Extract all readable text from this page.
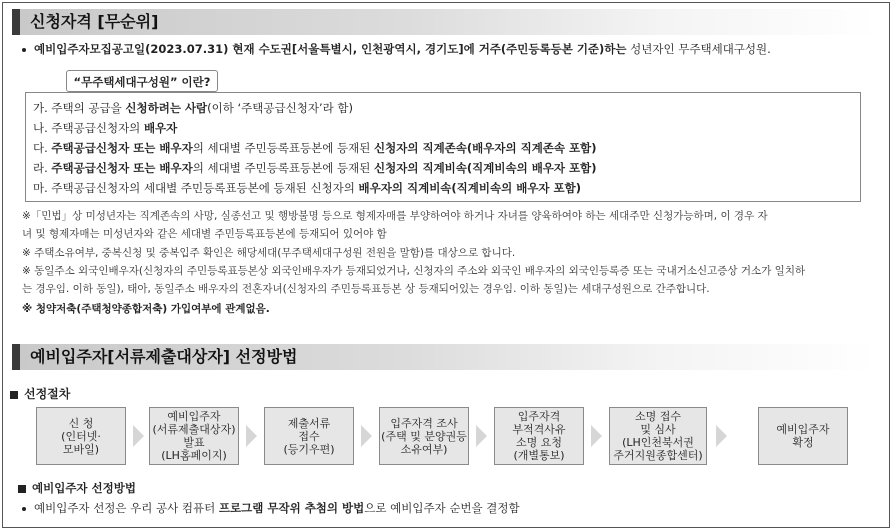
신청자격 [무순위]
예비입주자모집공고일(2023.07.31) 현재 수도권[서울특별시, 인천광역시, 경기도]에 거주(주민등록등본 기준)하는 성년자인 무주택세대구성원.
“무주택세대구성원” 이란?
가. 주택의 공급을 신청하려는 사람(이하 ‘주택공급신청자’라 함)
나. 주택공급신청자의 배우자
다. 주택공급신청자 또는 배우자의 세대별 주민등록표등본에 등재된 신청자의 직계존속(배우자의 직계존속 포함)
라. 주택공급신청자 또는 배우자의 세대별 주민등록표등본에 등재된 신청자의 직계비속(직계비속의 배우자 포함)
마. 주택공급신청자의 세대별 주민등록표등본에 등재된 신청자의 배우자의 직계비속(직계비속의 배우자 포함)
※「민법」상 미성년자는 직계존속의 사망, 실종선고 및 행방불명 등으로 형제자매를 부양하여야 하거나 자녀를 양육하여야 하는 세대주만 신청가능하며, 이 경우 자
녀 및 형제자매는 미성년자와 같은 세대별 주민등록표등본에 등재되어 있어야 함
※ 주택소유여부, 중복신청 및 중복입주 확인은 해당세대(무주택세대구성원 전원을 말함)를 대상으로 합니다.
※ 동일주소 외국인배우자(신청자의 주민등록표등본상 외국인배우자가 등재되었거나, 신청자의 주소와 외국인 배우자의 외국인등록증 또는 국내거소신고증상 거소가 일치하
는 경우임. 이하 동일), 태아, 동일주소 배우자의 전혼자녀(신청자의 주민등록표등본 상 등재되어있는 경우임. 이하 동일)는 세대구성원으로 간주합니다.
※ 청약저축(주택청약종합저축) 가입여부에 관계없음.
예비입주자[서류제출대상자] 선정방법
선정절차
신 청
(인터넷·
모바일)
예비입주자
(서류제출대상자)
발표
(LH홈페이지)
제출서류
접수
(등기우편)
입주자격 조사
(주택 및 분양권등
소유여부)
입주자격
부적격사유
소명 요청
(개별통보)
소명 접수
및 심사
(LH인천북서권
주거지원종합센터)
예비입주자
확정
예비입주자 선정방법
예비입주자 선정은 우리 공사 컴퓨터 프로그램 무작위 추첨의 방법으로 예비입주자 순번을 결정함
